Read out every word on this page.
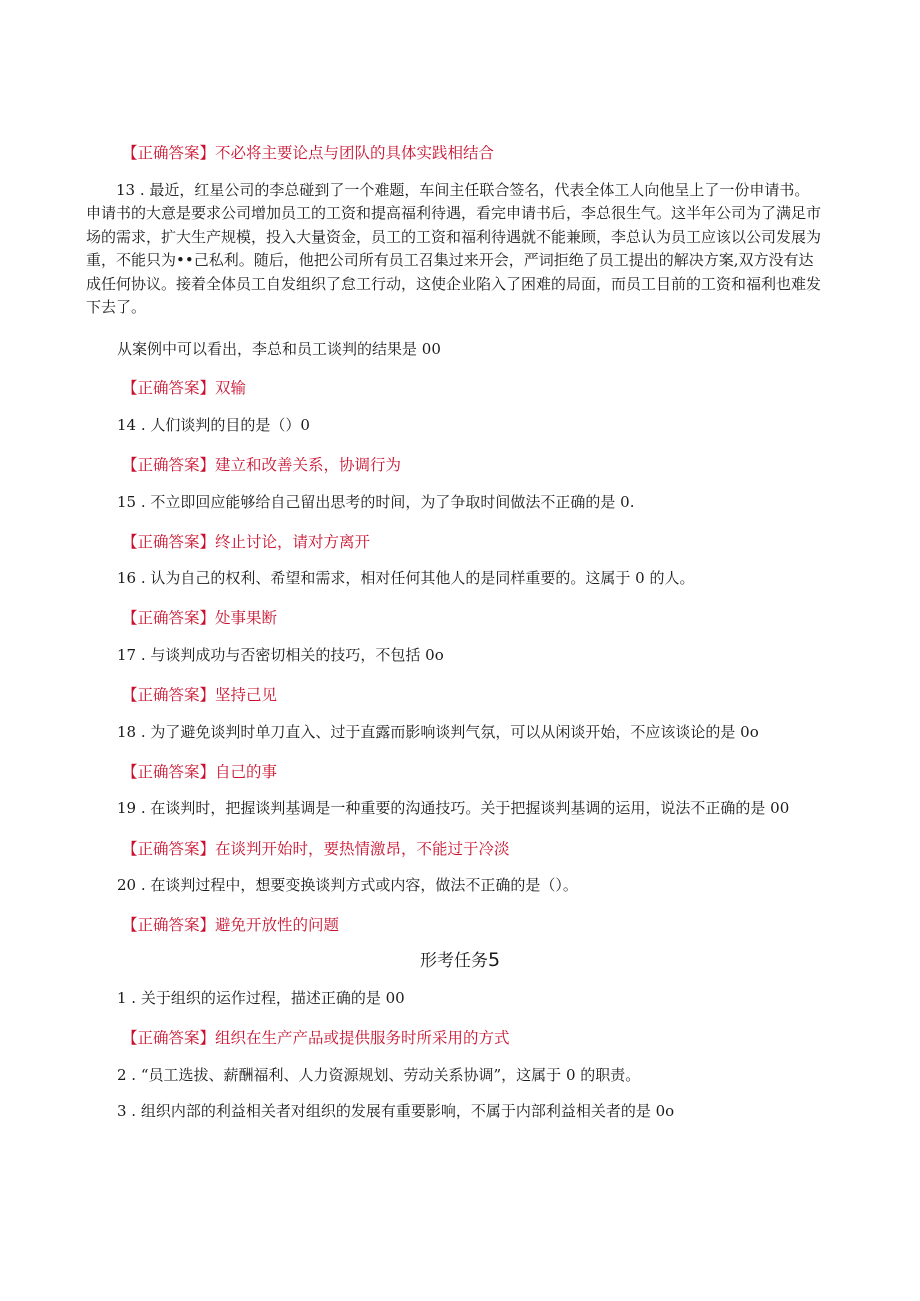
【正确答案】不必将主要论点与团队的具体实践相结合
13 . 最近，红星公司的李总碰到了一个难题，车间主任联合签名，代表全体工人向他呈上了一份申请书。
申请书的大意是要求公司增加员工的工资和提高福利待遇，看完申请书后，李总很生气。这半年公司为了满足市
场的需求，扩大生产规模，投入大量资金，员工的工资和福利待遇就不能兼顾，李总认为员工应该以公司发展为
重，不能只为••己私利。随后，他把公司所有员工召集过来开会，严词拒绝了员工提出的解决方案,双方没有达
成任何协议。接着全体员工自发组织了怠工行动，这使企业陷入了困难的局面，而员工目前的工资和福利也难发
下去了。
从案例中可以看出，李总和员工谈判的结果是 00
【正确答案】双输
14 . 人们谈判的目的是（）0
【正确答案】建立和改善关系，协调行为
15 . 不立即回应能够给自己留出思考的时间，为了争取时间做法不正确的是 0.
【正确答案】终止讨论，请对方离开
16 . 认为自己的权利、希望和需求，相对任何其他人的是同样重要的。这属于 0 的人。
【正确答案】处事果断
17 . 与谈判成功与否密切相关的技巧，不包括 0o
【正确答案】坚持己见
18 . 为了避免谈判时单刀直入、过于直露而影响谈判气氛，可以从闲谈开始，不应该谈论的是 0o
【正确答案】自己的事
19 . 在谈判时，把握谈判基调是一种重要的沟通技巧。关于把握谈判基调的运用，说法不正确的是 00
【正确答案】在谈判开始时，要热情激昂，不能过于冷淡
20 . 在谈判过程中，想要变换谈判方式或内容，做法不正确的是（）。
【正确答案】避免开放性的问题
形考任务5
1 . 关于组织的运作过程，描述正确的是 00
【正确答案】组织在生产产品或提供服务时所采用的方式
2 . “员工选拔、薪酬福利、人力资源规划、劳动关系协调”，这属于 0 的职责。
3 . 组织内部的利益相关者对组织的发展有重要影响，不属于内部利益相关者的是 0o
